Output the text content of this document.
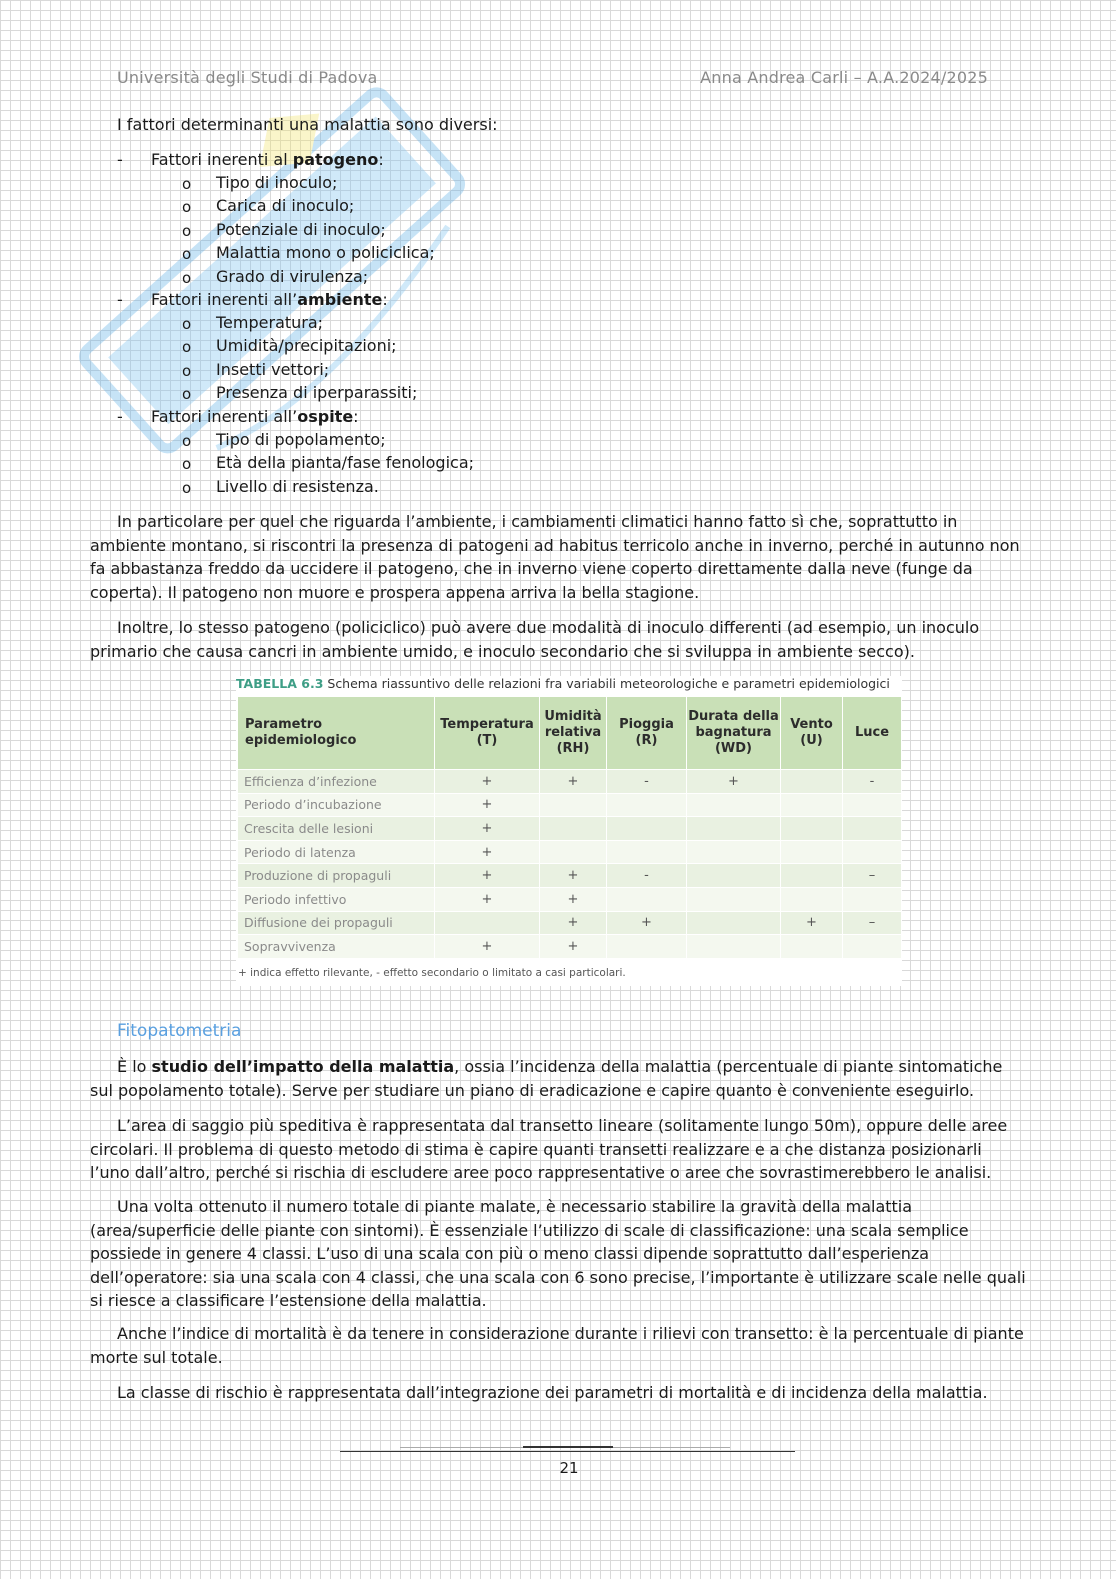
Università degli Studi di Padova	Anna Andrea Carli – A.A.2024/2025
I fattori determinanti una malattia sono diversi:
- Fattori inerenti al patogeno:
o Tipo di inoculo;
o Carica di inoculo;
o Potenziale di inoculo;
o Malattia mono o policiclica;
o Grado di virulenza;
- Fattori inerenti all’ambiente:
o Temperatura;
o Umidità/precipitazioni;
o Insetti vettori;
o Presenza di iperparassiti;
- Fattori inerenti all’ospite:
o Tipo di popolamento;
o Età della pianta/fase fenologica;
o Livello di resistenza.

In particolare per quel che riguarda l’ambiente, i cambiamenti climatici hanno fatto sì che, soprattutto in ambiente montano, si riscontri la presenza di patogeni ad habitus terricolo anche in inverno, perché in autunno non fa abbastanza freddo da uccidere il patogeno, che in inverno viene coperto direttamente dalla neve (funge da coperta). Il patogeno non muore e prospera appena arriva la bella stagione.

Inoltre, lo stesso patogeno (policiclico) può avere due modalità di inoculo differenti (ad esempio, un inoculo primario che causa cancri in ambiente umido, e inoculo secondario che si sviluppa in ambiente secco).

TABELLA 6.3 Schema riassuntivo delle relazioni fra variabili meteorologiche e parametri epidemiologici
Parametro epidemiologico	Temperatura (T)	Umidità relativa (RH)	Pioggia (R)	Durata della bagnatura (WD)	Vento (U)	Luce
Efficienza d’infezione	+	+	-	+		-
Periodo d’incubazione	+					
Crescita delle lesioni	+					
Periodo di latenza	+					
Produzione di propaguli	+	+	-			–
Periodo infettivo	+	+				
Diffusione dei propaguli		+	+		+	–
Sopravvivenza	+	+				
+ indica effetto rilevante, - effetto secondario o limitato a casi particolari.
Fitopatometria

È lo studio dell’impatto della malattia, ossia l’incidenza della malattia (percentuale di piante sintomatiche sul popolamento totale). Serve per studiare un piano di eradicazione e capire quanto è conveniente eseguirlo.

L’area di saggio più speditiva è rappresentata dal transetto lineare (solitamente lungo 50m), oppure delle aree circolari. Il problema di questo metodo di stima è capire quanti transetti realizzare e a che distanza posizionarli l’uno dall’altro, perché si rischia di escludere aree poco rappresentative o aree che sovrastimerebbero le analisi.

Una volta ottenuto il numero totale di piante malate, è necessario stabilire la gravità della malattia (area/superficie delle piante con sintomi). È essenziale l’utilizzo di scale di classificazione: una scala semplice possiede in genere 4 classi. L’uso di una scala con più o meno classi dipende soprattutto dall’esperienza dell’operatore: sia una scala con 4 classi, che una scala con 6 sono precise, l’importante è utilizzare scale nelle quali si riesce a classificare l’estensione della malattia.

Anche l’indice di mortalità è da tenere in considerazione durante i rilievi con transetto: è la percentuale di piante morte sul totale.

La classe di rischio è rappresentata dall’integrazione dei parametri di mortalità e di incidenza della malattia.

21
